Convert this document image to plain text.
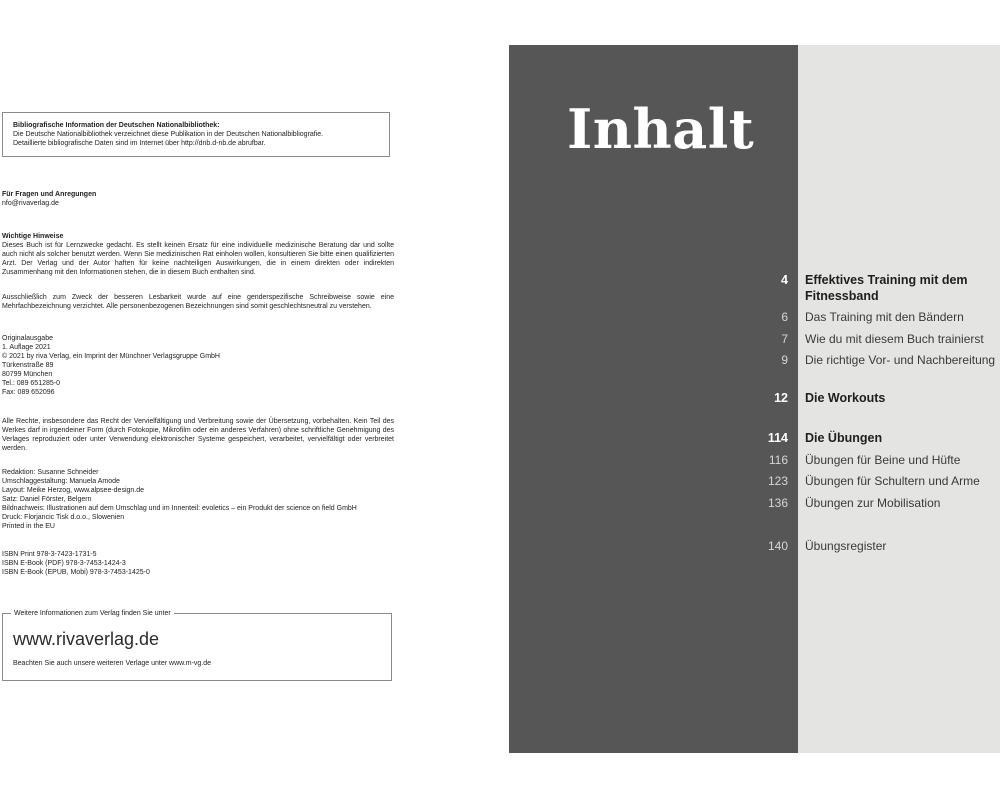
Bibliografische Information der Deutschen Nationalbibliothek:
Die Deutsche Nationalbibliothek verzeichnet diese Publikation in der Deutschen Nationalbibliografie.
Detaillierte bibliografische Daten sind im Internet über http://dnb.d-nb.de abrufbar.
Für Fragen und Anregungen
nfo@rivaverlag.de
Wichtige Hinweise

Dieses Buch ist für Lernzwecke gedacht. Es stellt keinen Ersatz für eine individuelle medizinische Beratung dar und sollte auch nicht als solcher benutzt werden. Wenn Sie medizinischen Rat einholen wollen, konsultieren Sie bitte einen qualifizierten Arzt. Der Verlag und der Autor haften für keine nachteiligen Auswirkungen, die in einem direkten oder indirekten Zusammenhang mit den Informationen stehen, die in diesem Buch enthalten sind.

Ausschließlich zum Zweck der besseren Lesbarkeit wurde auf eine genderspezifische Schreibweise sowie eine Mehrfachbezeichnung verzichtet. Alle personenbezogenen Bezeichnungen sind somit geschlechtsneutral zu verstehen.

Originalausgabe
1. Auflage 2021
© 2021 by riva Verlag, ein Imprint der Münchner Verlagsgruppe GmbH
Türkenstraße 89
80799 München
Tel.: 089 651285-0
Fax: 089 652096

Alle Rechte, insbesondere das Recht der Vervielfältigung und Verbreitung sowie der Übersetzung, vorbehalten. Kein Teil des Werkes darf in irgendeiner Form (durch Fotokopie, Mikrofilm oder ein anderes Verfahren) ohne schriftliche Genehmigung des Verlages reproduziert oder unter Verwendung elektronischer Systeme gespeichert, verarbeitet, vervielfältigt oder verbreitet werden.

Redaktion: Susanne Schneider
Umschlaggestaltung: Manuela Amode
Layout: Meike Herzog, www.alpsee-design.de
Satz: Daniel Förster, Belgern
Bildnachweis: Illustrationen auf dem Umschlag und im Innenteil: evoletics – ein Produkt der science on field GmbH
Druck: Florjancic Tisk d.o.o., Slowenien
Printed in the EU
ISBN Print 978-3-7423-1731-5
ISBN E-Book (PDF) 978-3-7453-1424-3
ISBN E-Book (EPUB, Mobi) 978-3-7453-1425-0
Weitere Informationen zum Verlag finden Sie unter
www.rivaverlag.de
Beachten Sie auch unsere weiteren Verlage unter www.m-vg.de
Inhalt
4 Effektives Training mit dem Fitnessband
6 Das Training mit den Bändern
7 Wie du mit diesem Buch trainierst
9 Die richtige Vor- und Nachbereitung
12 Die Workouts
114 Die Übungen
116 Übungen für Beine und Hüfte
123 Übungen für Schultern und Arme
136 Übungen zur Mobilisation
140 Übungsregister
